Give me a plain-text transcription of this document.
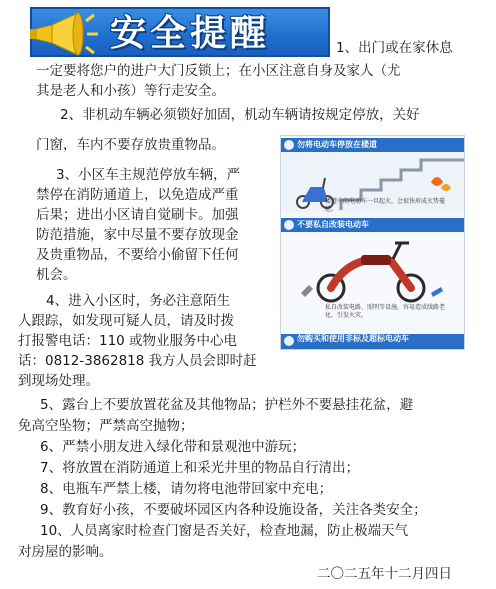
安全提醒	1、出门或在家休息
一定要将您户的进户大门反锁上；在小区注意自身及家人（尤
其是老人和小孩）等行走安全。
2、非机动车辆必须锁好加固，机动车辆请按规定停放，关好
门窗，车内不要存放贵重物品。
3、小区车主规范停放车辆，严
禁停在消防通道上，以免造成严重
后果；进出小区请自觉刷卡。加强
防范措施，家中尽量不要存放现金
及贵重物品，不要给小偷留下任何
机会。
4、进入小区时，务必注意陌生
人跟踪，如发现可疑人员，请及时拨
打报警电话：110 或物业服务中心电
话：0812-3862818 我方人员会即时赶
到现场处理。
勿将电动车停放在楼道
楼道中的电动车一旦起火，会很快形成火势蔓延。
不要私自改装电动车
私自改装电路、照明等设施，容易造成线路老化，引发火灾。
勿购买和使用非标及超标电动车
5、露台上不要放置花盆及其他物品；护栏外不要悬挂花盆，避
免高空坠物；严禁高空抛物；
6、严禁小朋友进入绿化带和景观池中游玩；
7、将放置在消防通道上和采光井里的物品自行清出；
8、电瓶车严禁上楼，请勿将电池带回家中充电；
9、教育好小孩，不要破坏园区内各种设施设备，关注各类安全；
10、人员离家时检查门窗是否关好，检查地漏，防止极端天气
对房屋的影响。
二〇二五年十二月四日
